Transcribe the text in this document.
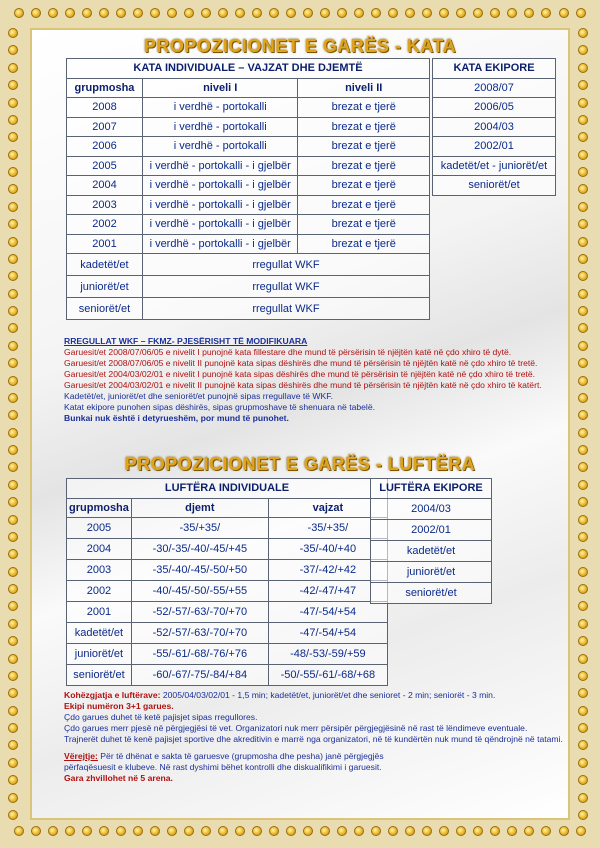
PROPOZICIONET E GARËS - KATA
KATA INDIVIDUALE – VAJZAT DHE DJEMTË		
grupmosha	niveli I	niveli II
2008	i verdhë - portokalli	brezat e tjerë
2007	i verdhë - portokalli	brezat e tjerë
2006	i verdhë - portokalli	brezat e tjerë
2005	i verdhë - portokalli - i gjelbër	brezat e tjerë
2004	i verdhë - portokalli - i gjelbër	brezat e tjerë
2003	i verdhë - portokalli - i gjelbër	brezat e tjerë
2002	i verdhë - portokalli - i gjelbër	brezat e tjerë
2001	i verdhë - portokalli - i gjelbër	brezat e tjerë
kadetët/et	rregullat WKF	
juniorët/et	rregullat WKF	
seniorët/et	rregullat WKF	
KATA EKIPORE
2008/07
2006/05
2004/03
2002/01
kadetët/et - juniorët/et
seniorët/et
RREGULLAT WKF – FKMZ- PJESËRISHT TË MODIFIKUARA
Garuesit/et 2008/07/06/05 e nivelit I punojnë kata fillestare dhe mund të përsërisin të njëjtën katë në çdo xhiro të dytë.
Garuesit/et 2008/07/06/05 e nivelit II punojnë kata sipas dëshirës dhe mund të përsërisin të njëjtën katë në çdo xhiro të tretë.
Garuesit/et 2004/03/02/01 e nivelit I punojnë kata sipas dëshirës dhe mund të përsërisin të njëjtën katë në çdo xhiro të tretë.
Garuesit/et 2004/03/02/01 e nivelit II punojnë kata sipas dëshirës dhe mund të përsërisin të njëjtën katë në çdo xhiro të katërt.
Kadetët/et, juniorët/et dhe seniorët/et punojnë sipas rregullave të WKF.
Katat ekipore punohen sipas dëshirës, sipas grupmoshave të shenuara në tabelë.
Bunkai nuk është i detyrueshëm, por mund të punohet.
PROPOZICIONET E GARËS - LUFTËRA
LUFTËRA INDIVIDUALE		
grupmosha	djemt	vajzat
2005	-35/+35/	-35/+35/
2004	-30/-35/-40/-45/+45	-35/-40/+40
2003	-35/-40/-45/-50/+50	-37/-42/+42
2002	-40/-45/-50/-55/+55	-42/-47/+47
2001	-52/-57/-63/-70/+70	-47/-54/+54
kadetët/et	-52/-57/-63/-70/+70	-47/-54/+54
juniorët/et	-55/-61/-68/-76/+76	-48/-53/-59/+59
seniorët/et	-60/-67/-75/-84/+84	-50/-55/-61/-68/+68
LUFTËRA EKIPORE
2004/03
2002/01
kadetët/et
juniorët/et
seniorët/et
Kohëzgjatja e luftërave: 2005/04/03/02/01 - 1,5 min; kadetët/et, juniorët/et dhe senioret - 2 min; seniorët - 3 min.
Ekipi numëron 3+1 garues.
Çdo garues duhet të ketë pajisjet sipas rregullores.
Çdo garues merr pjesë në përgjegjësi të vet. Organizatori nuk merr përsipër përgjegjësinë në rast të lëndimeve eventuale.
Trajnerët duhet të kenë pajisjet sportive dhe akreditivin e marrë nga organizatori, në të kundërtën nuk mund të qëndrojnë në tatami.
Vërejtje: Për të dhënat e sakta të garuesve (grupmosha dhe pesha) janë përgjegjës
përfaqësuesit e klubeve. Në rast dyshimi bëhet kontrolli dhe diskualifikimi i garuesit.
Gara zhvillohet në 5 arena.
